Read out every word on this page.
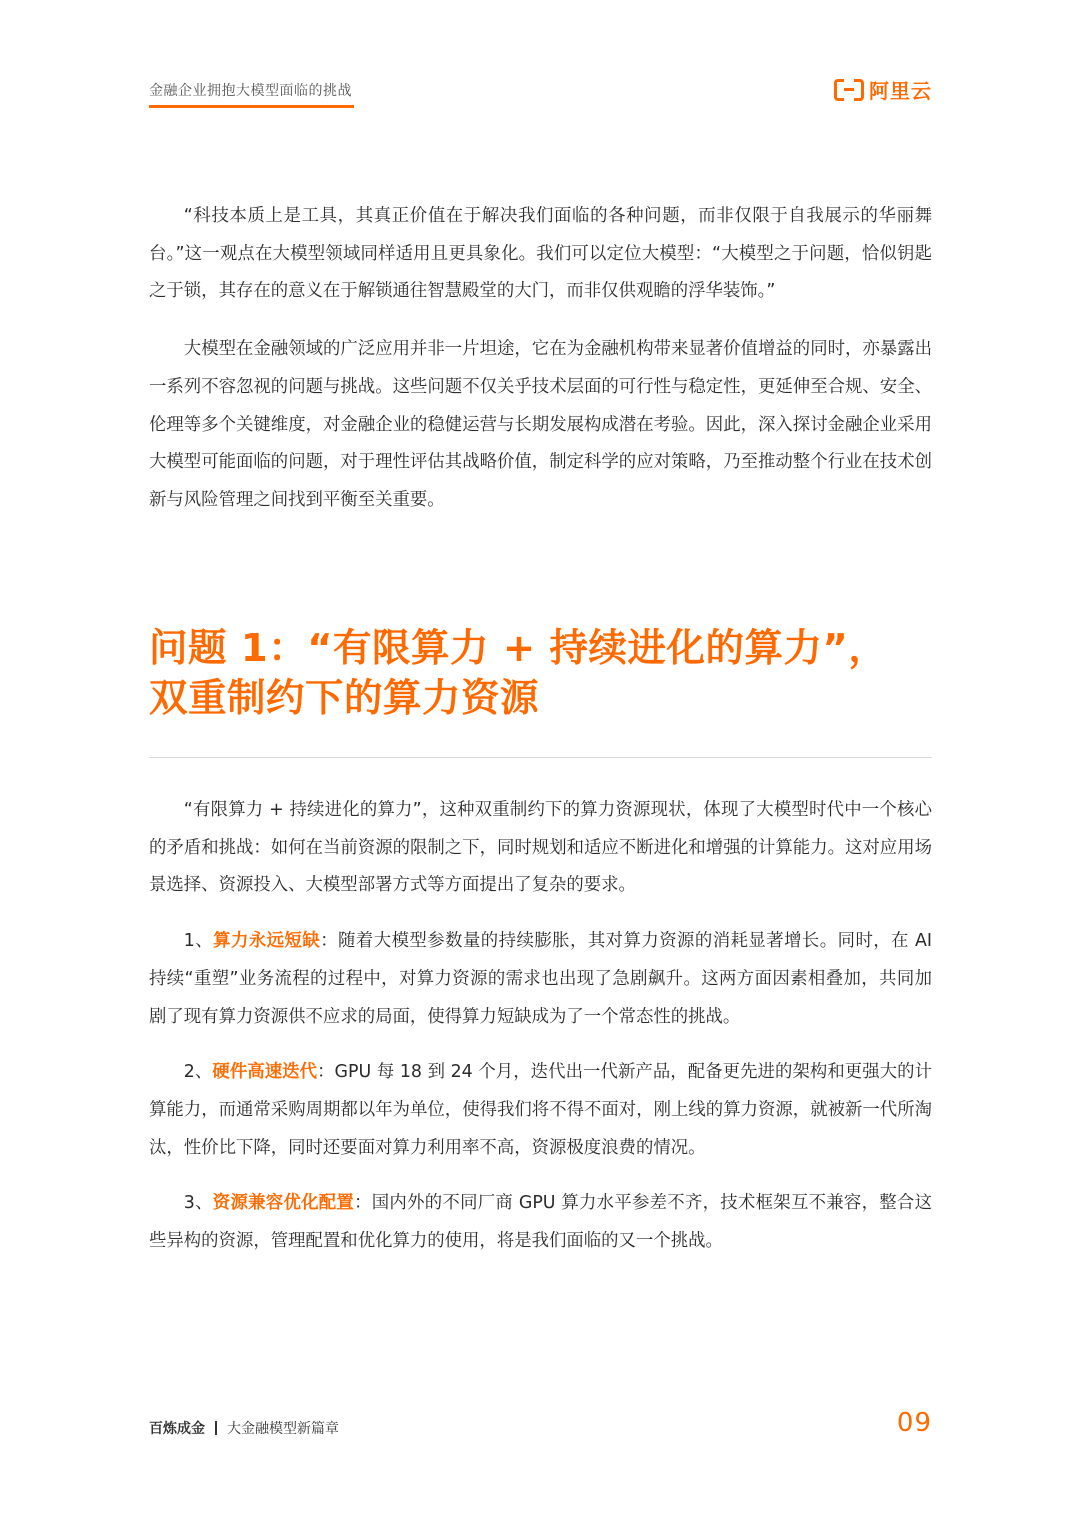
金融企业拥抱大模型面临的挑战	阿里云

“科技本质上是工具，其真正价值在于解决我们面临的各种问题，而非仅限于自我展示的华丽舞台。”这一观点在大模型领域同样适用且更具象化。我们可以定位大模型：“大模型之于问题，恰似钥匙之于锁，其存在的意义在于解锁通往智慧殿堂的大门，而非仅供观瞻的浮华装饰。”

大模型在金融领域的广泛应用并非一片坦途，它在为金融机构带来显著价值增益的同时，亦暴露出一系列不容忽视的问题与挑战。这些问题不仅关乎技术层面的可行性与稳定性，更延伸至合规、安全、伦理等多个关键维度，对金融企业的稳健运营与长期发展构成潜在考验。因此，深入探讨金融企业采用大模型可能面临的问题，对于理性评估其战略价值，制定科学的应对策略，乃至推动整个行业在技术创新与风险管理之间找到平衡至关重要。

问题 1：“有限算力 + 持续进化的算力”，
双重制约下的算力资源

“有限算力 + 持续进化的算力”，这种双重制约下的算力资源现状，体现了大模型时代中一个核心的矛盾和挑战：如何在当前资源的限制之下，同时规划和适应不断进化和增强的计算能力。这对应用场景选择、资源投入、大模型部署方式等方面提出了复杂的要求。

1、算力永远短缺：随着大模型参数量的持续膨胀，其对算力资源的消耗显著增长。同时，在 AI 持续“重塑”业务流程的过程中，对算力资源的需求也出现了急剧飙升。这两方面因素相叠加，共同加剧了现有算力资源供不应求的局面，使得算力短缺成为了一个常态性的挑战。

2、硬件高速迭代：GPU 每 18 到 24 个月，迭代出一代新产品，配备更先进的架构和更强大的计算能力，而通常采购周期都以年为单位，使得我们将不得不面对，刚上线的算力资源，就被新一代所淘汰，性价比下降，同时还要面对算力利用率不高，资源极度浪费的情况。

3、资源兼容优化配置：国内外的不同厂商 GPU 算力水平参差不齐，技术框架互不兼容，整合这些异构的资源，管理配置和优化算力的使用，将是我们面临的又一个挑战。

百炼成金 大金融模型新篇章	09
